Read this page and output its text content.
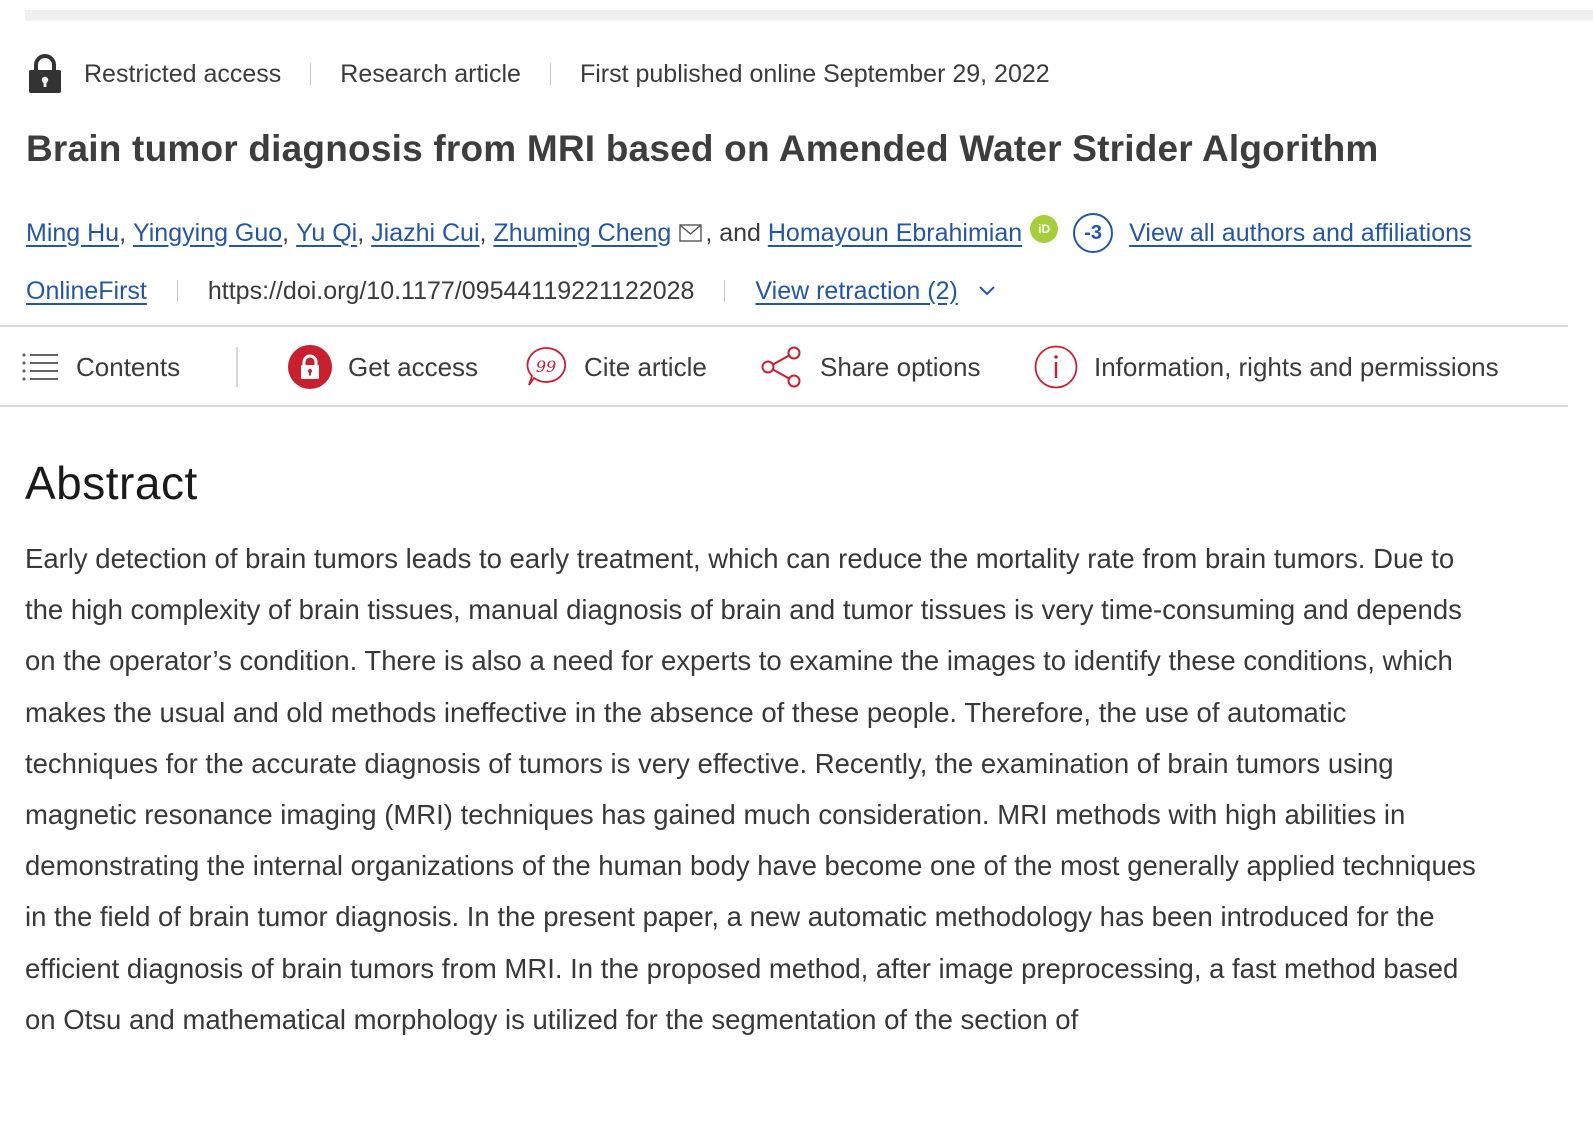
Restricted access Research article First published online September 29, 2022
Brain tumor diagnosis from MRI based on Amended Water Strider Algorithm
Ming Hu , Yingying Guo , Yu Qi , Jiazhi Cui , Zhuming Cheng , and
Homayoun Ebrahimian	iD	-3	View all authors and affiliations
OnlineFirst https://doi.org/10.1177/09544119221122028 View retraction (2)
Contents	Get access	99 Cite article	Share options	Information, rights and permissions
Abstract

Early detection of brain tumors leads to early treatment, which can reduce the mortality rate from brain tumors. Due to the high complexity of brain tissues, manual diagnosis of brain and tumor tissues is very time-consuming and depends on the operator’s condition. There is also a need for experts to examine the images to identify these conditions, which makes the usual and old methods ineffective in the absence of these people. Therefore, the use of automatic techniques for the accurate diagnosis of tumors is very effective. Recently, the examination of brain tumors using magnetic resonance imaging (MRI) techniques has gained much consideration. MRI methods with high abilities in demonstrating the internal organizations of the human body have become one of the most generally applied techniques in the field of brain tumor diagnosis. In the present paper, a new automatic methodology has been introduced for the efficient diagnosis of brain tumors from MRI. In the proposed method, after image preprocessing, a fast method based on Otsu and mathematical morphology is utilized for the segmentation of the section of
